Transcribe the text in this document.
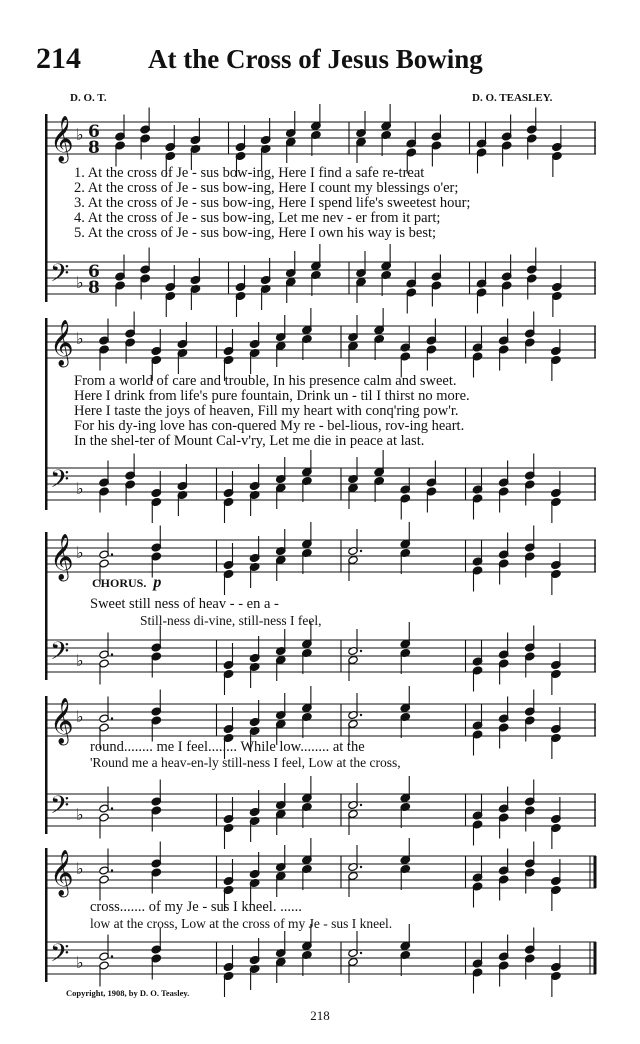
214 At the Cross of Jesus Bowing
D. O. T.	D. O. TEASLEY.
𝄞 ♭ 6
8
𝄢 ♭
6
8
𝄞 ♭
𝄢 ♭
𝄞 ♭
𝄢 ♭
𝄞 ♭
𝄢 ♭
𝄞 ♭
𝄢 ♭
1. At the cross of Je - sus bow-ing, Here I find a safe re-treat
2. At the cross of Je - sus bow-ing, Here I count my blessings o'er;
3. At the cross of Je - sus bow-ing, Here I spend life's sweetest hour;
4. At the cross of Je - sus bow-ing, Let me nev - er from it part;
5. At the cross of Je - sus bow-ing, Here I own his way is best;
From a world of care and trouble, In his presence calm and sweet.
Here I drink from life's pure fountain, Drink un - til I thirst no more.
Here I taste the joys of heaven, Fill my heart with conq'ring pow'r.
For his dy-ing love has con-quered My re - bel-lious, rov-ing heart.
In the shel-ter of Mount Cal-v'ry, Let me die in peace at last.
CHORUS. p
Sweet still ness of heav - - en a -
Still-ness di-vine, still-ness I feel,
round........ me I feel........ While low........ at the
'Round me a heav-en-ly still-ness I feel, Low at the cross,
cross....... of my Je - sus I kneel. ......
low at the cross, Low at the cross of my Je - sus I kneel.
Copyright, 1908, by D. O. Teasley.
218
